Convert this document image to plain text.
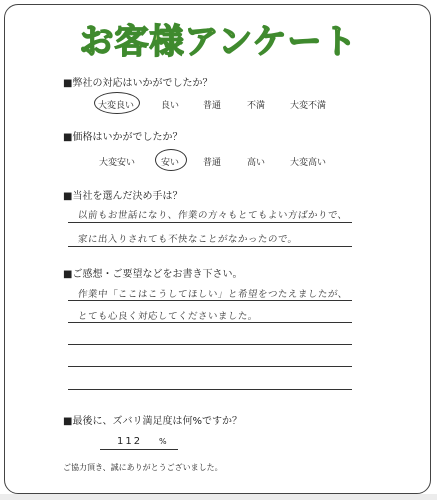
お客様アンケート
■弊社の対応はいかがでしたか？
大変良い	良い	普通	不満	大変不満
■価格はいかがでしたか？
大変安い	安い	普通	高い	大変高い
■当社を選んだ決め手は？
以前もお世話になり、作業の方々もとてもよい方ばかりで、
家に出入りされても不快なことがなかったので。
■ご感想・ご要望などをお書き下さい。
作業中「ここはこうしてほしい」と希望をつたえましたが、
とても心良く対応してくださいました。
■最後に、ズバリ満足度は何%ですか？
112 %
ご協力頂き、誠にありがとうございました。
